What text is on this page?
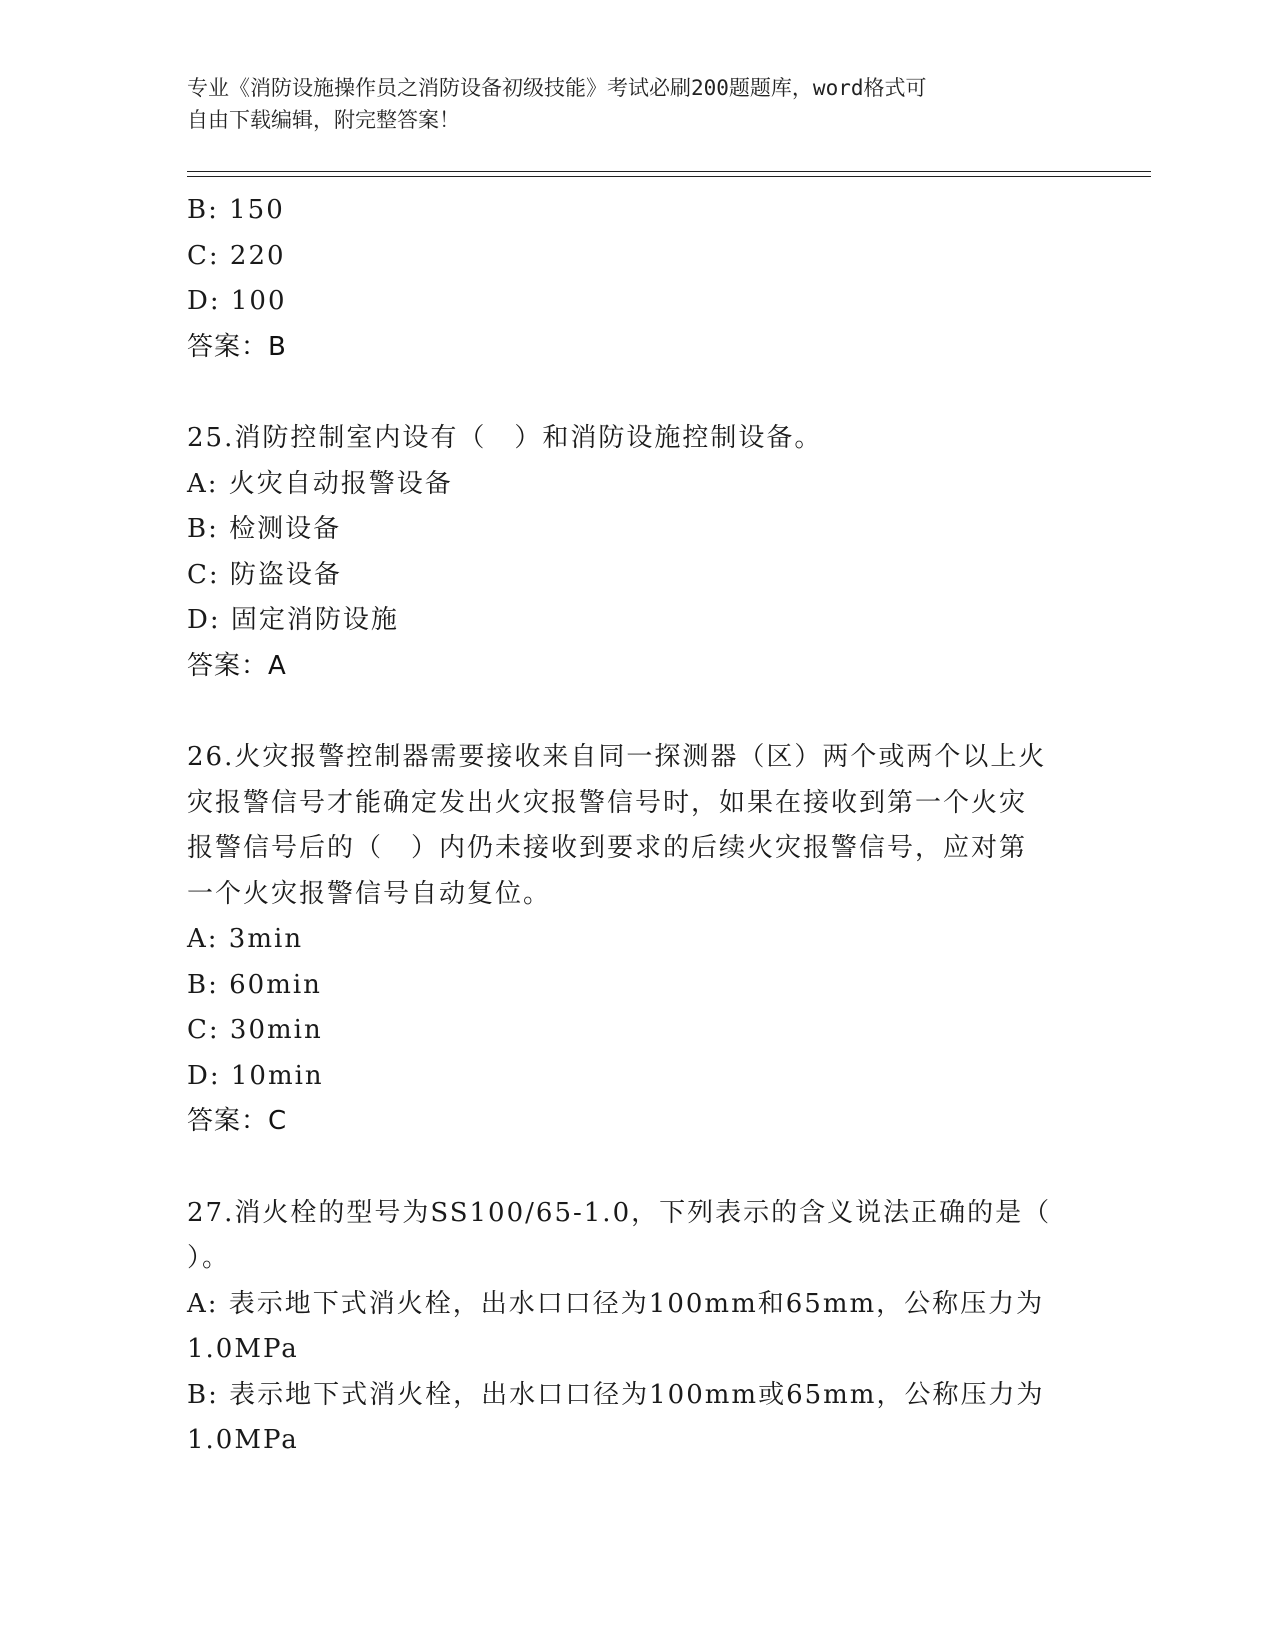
专业《消防设施操作员之消防设备初级技能》考试必刷200题题库，word格式可
自由下载编辑，附完整答案！
B: 150
C: 220
D: 100
答案：B
25.消防控制室内设有（　）和消防设施控制设备。
A: 火灾自动报警设备
B: 检测设备
C: 防盗设备
D: 固定消防设施
答案：A
26.火灾报警控制器需要接收来自同一探测器（区）两个或两个以上火
灾报警信号才能确定发出火灾报警信号时，如果在接收到第一个火灾
报警信号后的（　）内仍未接收到要求的后续火灾报警信号，应对第
一个火灾报警信号自动复位。
A: 3min
B: 60min
C: 30min
D: 10min
答案：C
27.消火栓的型号为SS100/65-1.0，下列表示的含义说法正确的是（
）。
A: 表示地下式消火栓，出水口口径为100mm和65mm，公称压力为
1.0MPa
B: 表示地下式消火栓，出水口口径为100mm或65mm，公称压力为
1.0MPa
